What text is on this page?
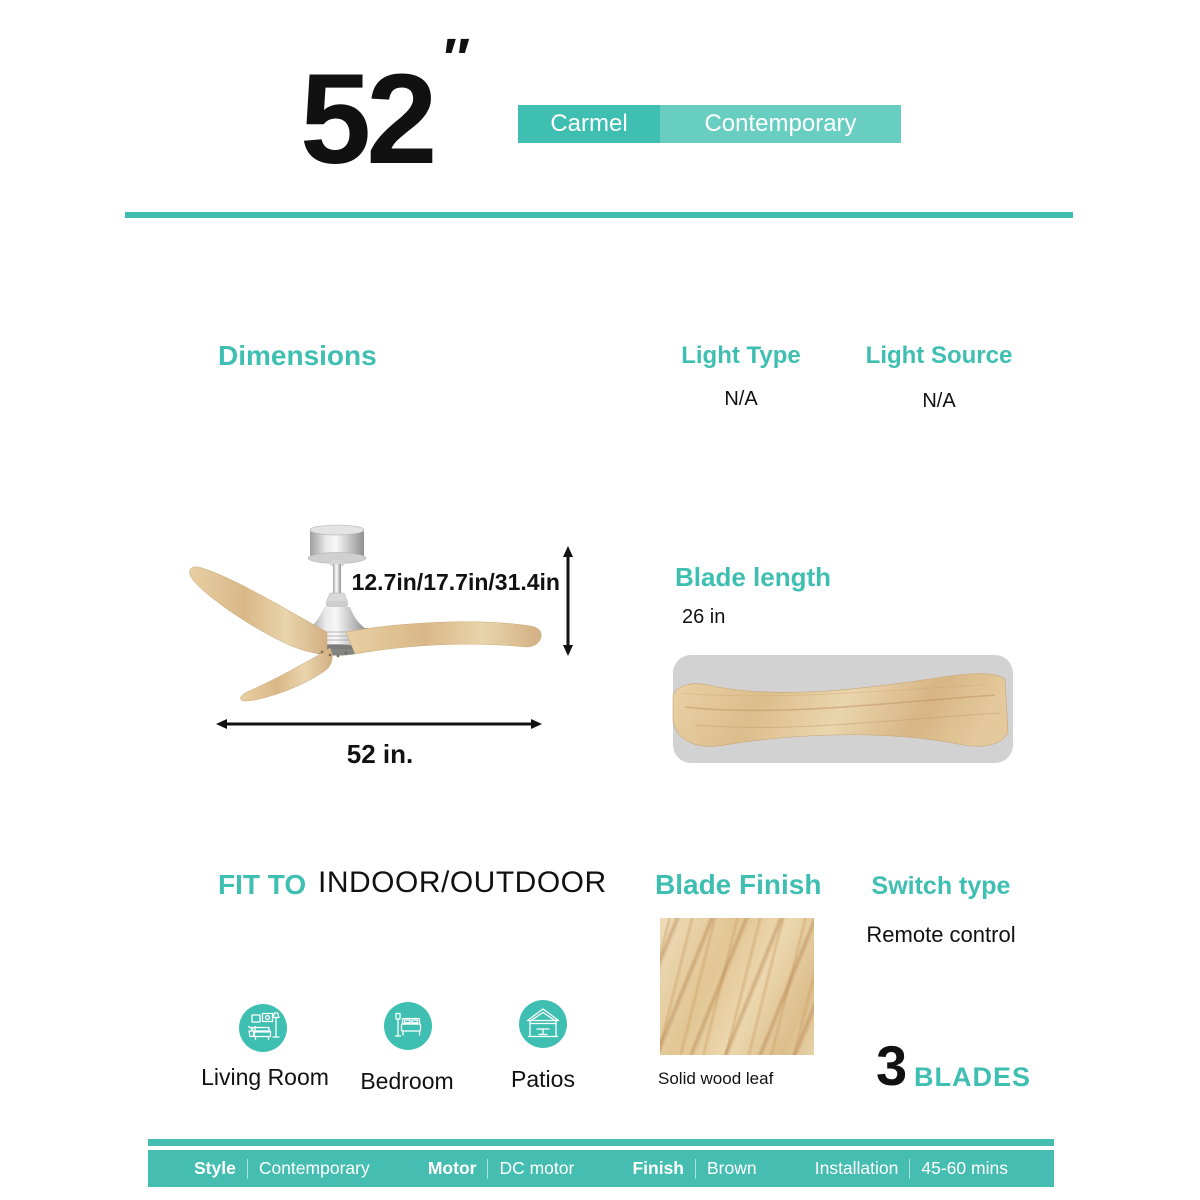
52 ″
Carmel	Contemporary
Dimensions	Light Type	Light Source
N/A	N/A
12.7in/17.7in/31.4in
52 in.
Blade length
26 in
FIT TO INDOOR/OUTDOOR
Living Room	Bedroom	Patios
Blade Finish
Solid wood leaf
Switch type
Remote control
3 BLADES
Style Contemporary	Motor DC motor	Finish Brown	Installation 45-60 mins
